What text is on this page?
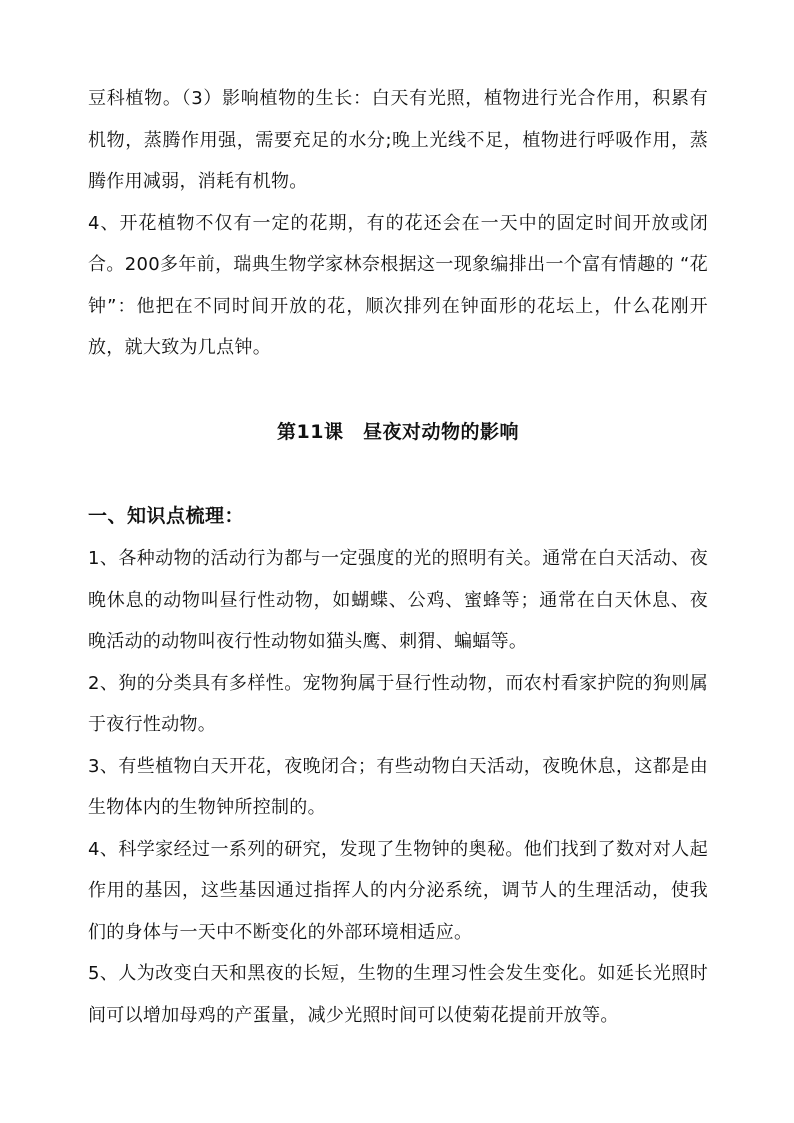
豆科植物。（3）影响植物的生长：白天有光照，植物进行光合作用，积累有机物，蒸腾作用强，需要充足的水分;晚上光线不足，植物进行呼吸作用，蒸腾作用减弱，消耗有机物。

4、开花植物不仅有一定的花期，有的花还会在一天中的固定时间开放或闭合。200多年前，瑞典生物学家林奈根据这一现象编排出一个富有情趣的 “花钟”：他把在不同时间开放的花，顺次排列在钟面形的花坛上，什么花刚开放，就大致为几点钟。

第11课　昼夜对动物的影响
一、知识点梳理：

1、各种动物的活动行为都与一定强度的光的照明有关。通常在白天活动、夜晚休息的动物叫昼行性动物，如蝴蝶、公鸡、蜜蜂等；通常在白天休息、夜晚活动的动物叫夜行性动物如猫头鹰、刺猬、蝙蝠等。

2、狗的分类具有多样性。宠物狗属于昼行性动物，而农村看家护院的狗则属于夜行性动物。

3、有些植物白天开花，夜晚闭合；有些动物白天活动，夜晚休息，这都是由生物体内的生物钟所控制的。

4、科学家经过一系列的研究，发现了生物钟的奥秘。他们找到了数对对人起作用的基因，这些基因通过指挥人的内分泌系统，调节人的生理活动，使我们的身体与一天中不断变化的外部环境相适应。

5、人为改变白天和黑夜的长短，生物的生理习性会发生变化。如延长光照时间可以增加母鸡的产蛋量，减少光照时间可以使菊花提前开放等。
